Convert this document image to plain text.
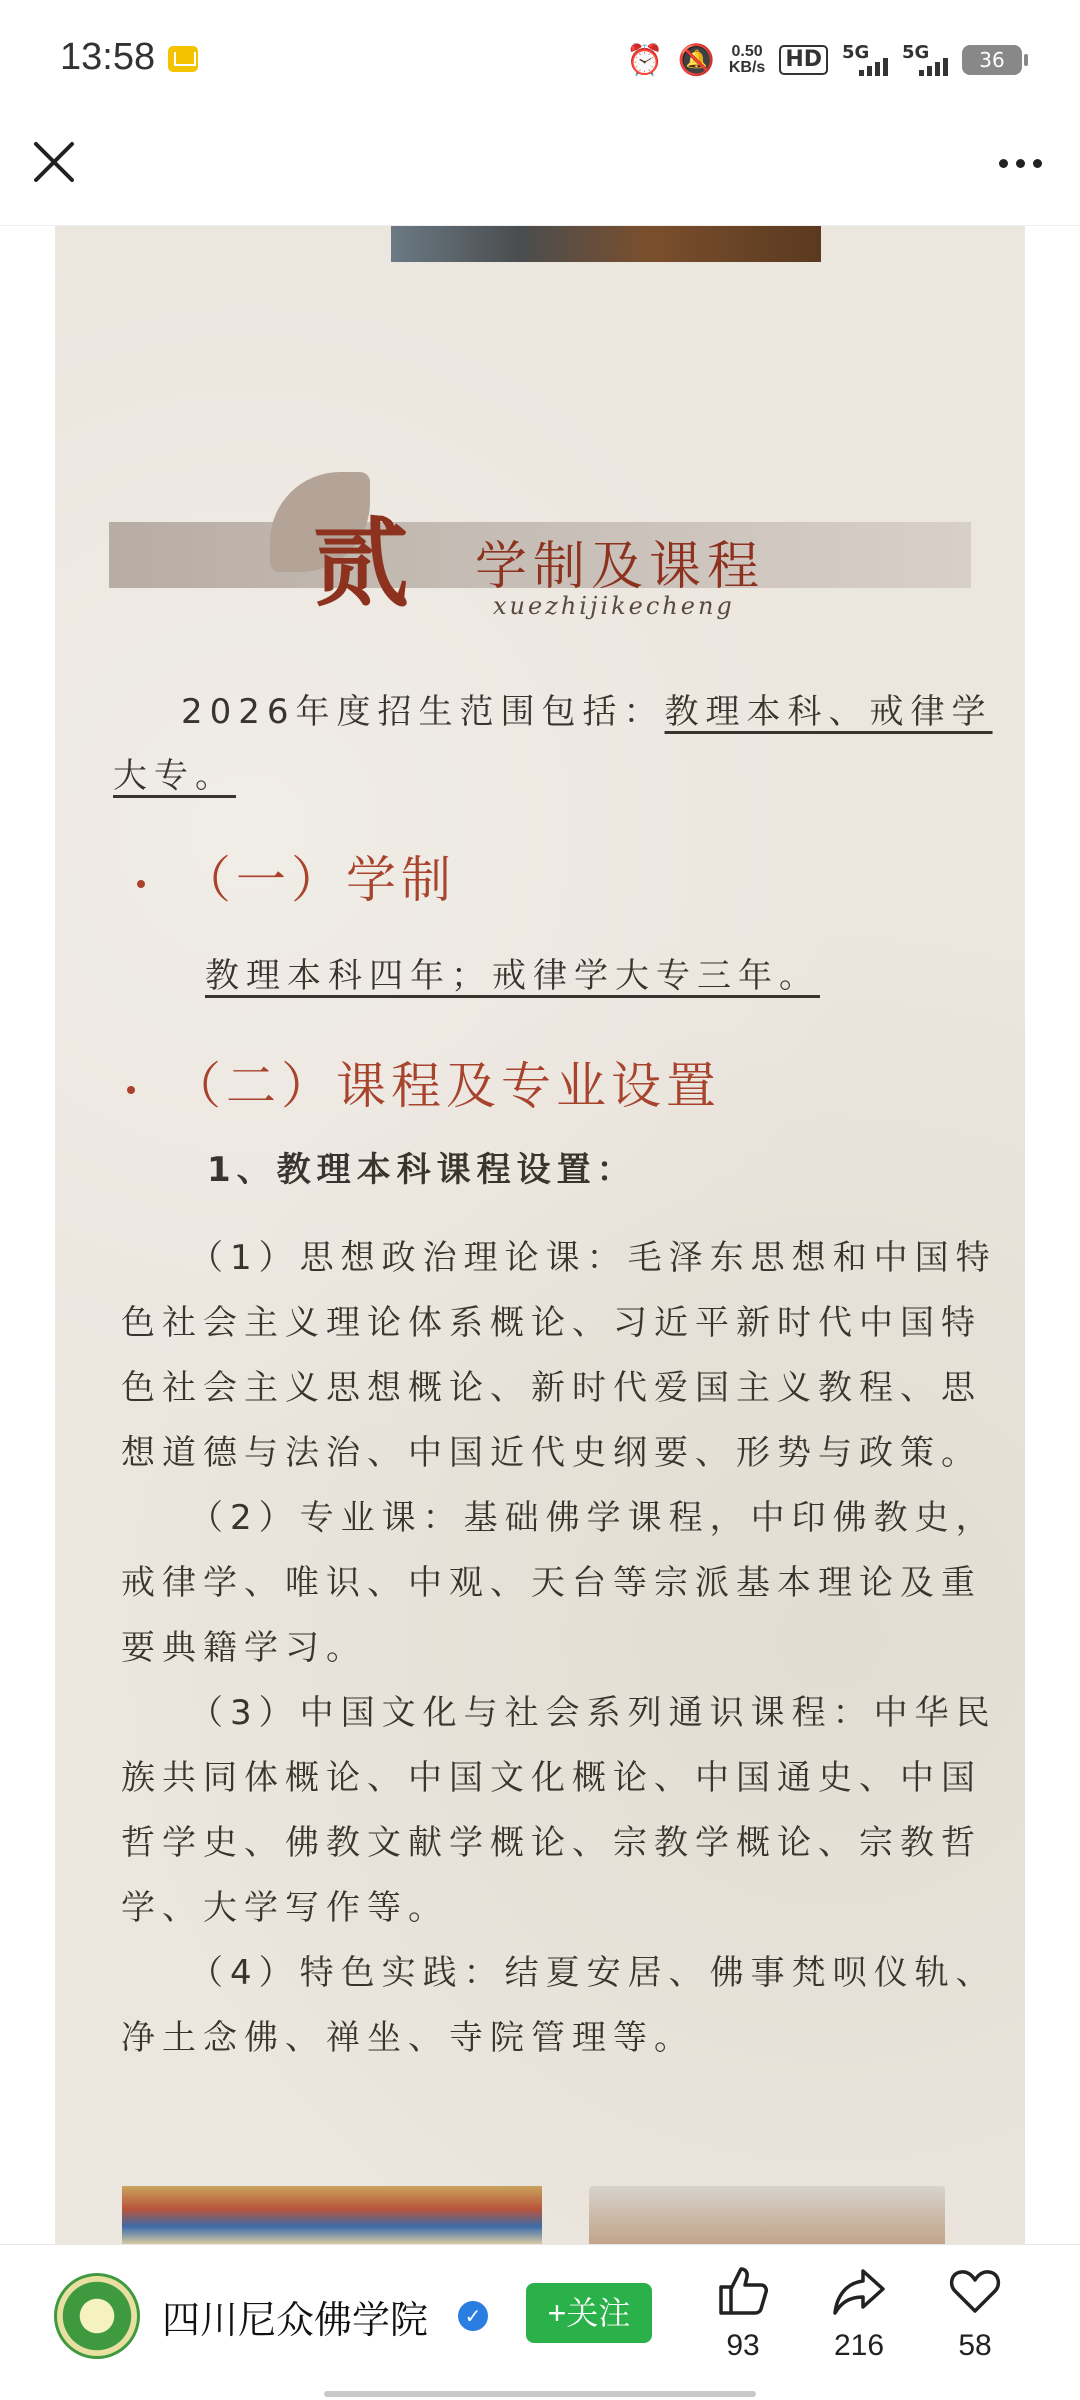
13:58	⏰ 🔕 0.50
KB/s HD	5G 5G	36
贰 学制及课程
xuezhijikecheng
2026年度招生范围包括：教理本科、戒律学大专。
（一）学制
教理本科四年；戒律学大专三年。
（二）课程及专业设置
1、教理本科课程设置：

（1）思想政治理论课：毛泽东思想和中国特色社会主义理论体系概论、习近平新时代中国特色社会主义思想概论、新时代爱国主义教程、思想道德与法治、中国近代史纲要、形势与政策。

（2）专业课：基础佛学课程，中印佛教史，戒律学、唯识、中观、天台等宗派基本理论及重要典籍学习。

（3）中国文化与社会系列通识课程：中华民族共同体概论、中国文化概论、中国通史、中国哲学史、佛教文献学概论、宗教学概论、宗教哲学、大学写作等。

（4）特色实践：结夏安居、佛事梵呗仪轨、净土念佛、禅坐、寺院管理等。

四川尼众佛学院	✓	+关注
93	216	58
